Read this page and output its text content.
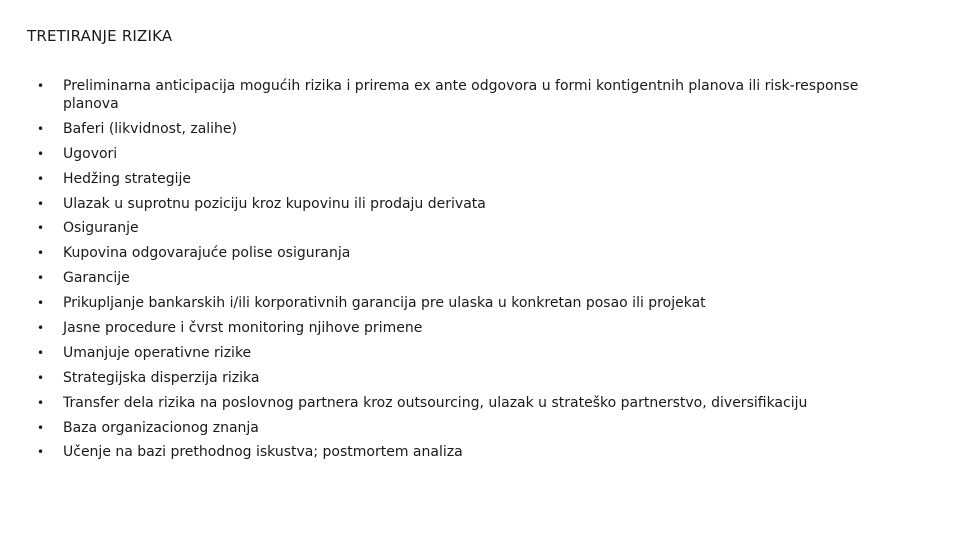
TRETIRANJE RIZIKA
• Preliminarna anticipacija mogućih rizika i prirema ex ante odgovora u formi kontigentnih planova ili risk-response planova
• Baferi (likvidnost, zalihe)
• Ugovori
• Hedžing strategije
• Ulazak u suprotnu poziciju kroz kupovinu ili prodaju derivata
• Osiguranje
• Kupovina odgovarajuće polise osiguranja
• Garancije
• Prikupljanje bankarskih i/ili korporativnih garancija pre ulaska u konkretan posao ili projekat
• Jasne procedure i čvrst monitoring njihove primene
• Umanjuje operativne rizike
• Strategijska disperzija rizika
• Transfer dela rizika na poslovnog partnera kroz outsourcing, ulazak u strateško partnerstvo, diversifikaciju
• Baza organizacionog znanja
• Učenje na bazi prethodnog iskustva; postmortem analiza
